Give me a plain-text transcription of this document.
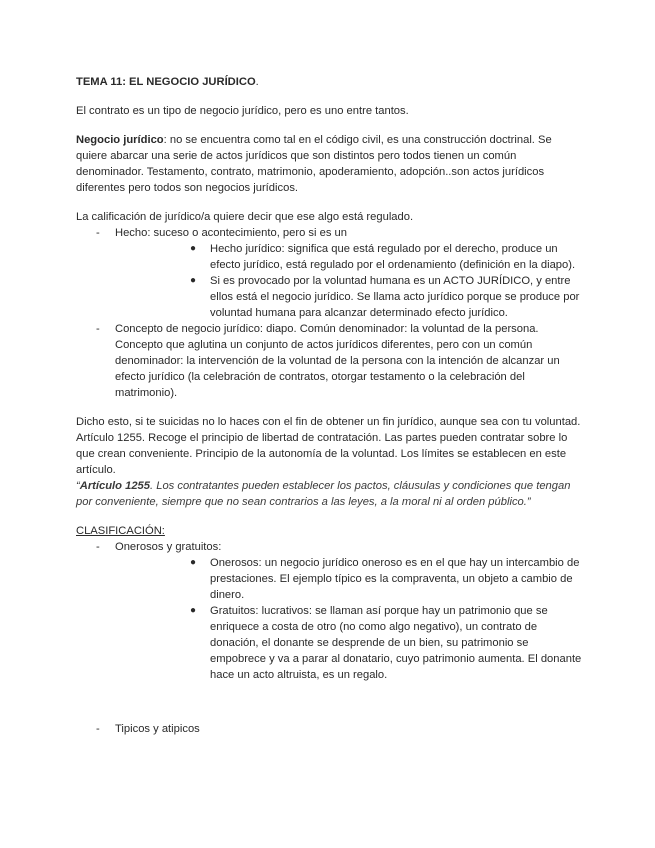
TEMA 11: EL NEGOCIO JURÍDICO.

El contrato es un tipo de negocio jurídico, pero es uno entre tantos.

Negocio jurídico: no se encuentra como tal en el código civil, es una construcción doctrinal. Se quiere abarcar una serie de actos jurídicos que son distintos pero todos tienen un común denominador. Testamento, contrato, matrimonio, apoderamiento, adopción..son actos jurídicos diferentes pero todos son negocios jurídicos.

La calificación de jurídico/a quiere decir que ese algo está regulado.

- Hecho: suceso o acontecimiento, pero si es un
● Hecho jurídico: significa que está regulado por el derecho, produce un efecto jurídico, está regulado por el ordenamiento (definición en la diapo).
● Si es provocado por la voluntad humana es un ACTO JURÍDICO, y entre ellos está el negocio jurídico. Se llama acto jurídico porque se produce por voluntad humana para alcanzar determinado efecto jurídico.
- Concepto de negocio jurídico: diapo. Común denominador: la voluntad de la persona. Concepto que aglutina un conjunto de actos jurídicos diferentes, pero con un común denominador: la intervención de la voluntad de la persona con la intención de alcanzar un efecto jurídico (la celebración de contratos, otorgar testamento o la celebración del matrimonio).

Dicho esto, si te suicidas no lo haces con el fin de obtener un fin jurídico, aunque sea con tu voluntad.

Artículo 1255. Recoge el principio de libertad de contratación. Las partes pueden contratar sobre lo que crean conveniente. Principio de la autonomía de la voluntad. Los límites se establecen en este artículo.

“Artículo 1255. Los contratantes pueden establecer los pactos, cláusulas y condiciones que tengan por conveniente, siempre que no sean contrarios a las leyes, a la moral ni al orden público.”

CLASIFICACIÓN:

- Onerosos y gratuitos:
● Onerosos: un negocio jurídico oneroso es en el que hay un intercambio de prestaciones. El ejemplo típico es la compraventa, un objeto a cambio de dinero.
● Gratuitos: lucrativos: se llaman así porque hay un patrimonio que se enriquece a costa de otro (no como algo negativo), un contrato de donación, el donante se desprende de un bien, su patrimonio se empobrece y va a parar al donatario, cuyo patrimonio aumenta. El donante hace un acto altruista, es un regalo.
- Tipicos y atipicos
